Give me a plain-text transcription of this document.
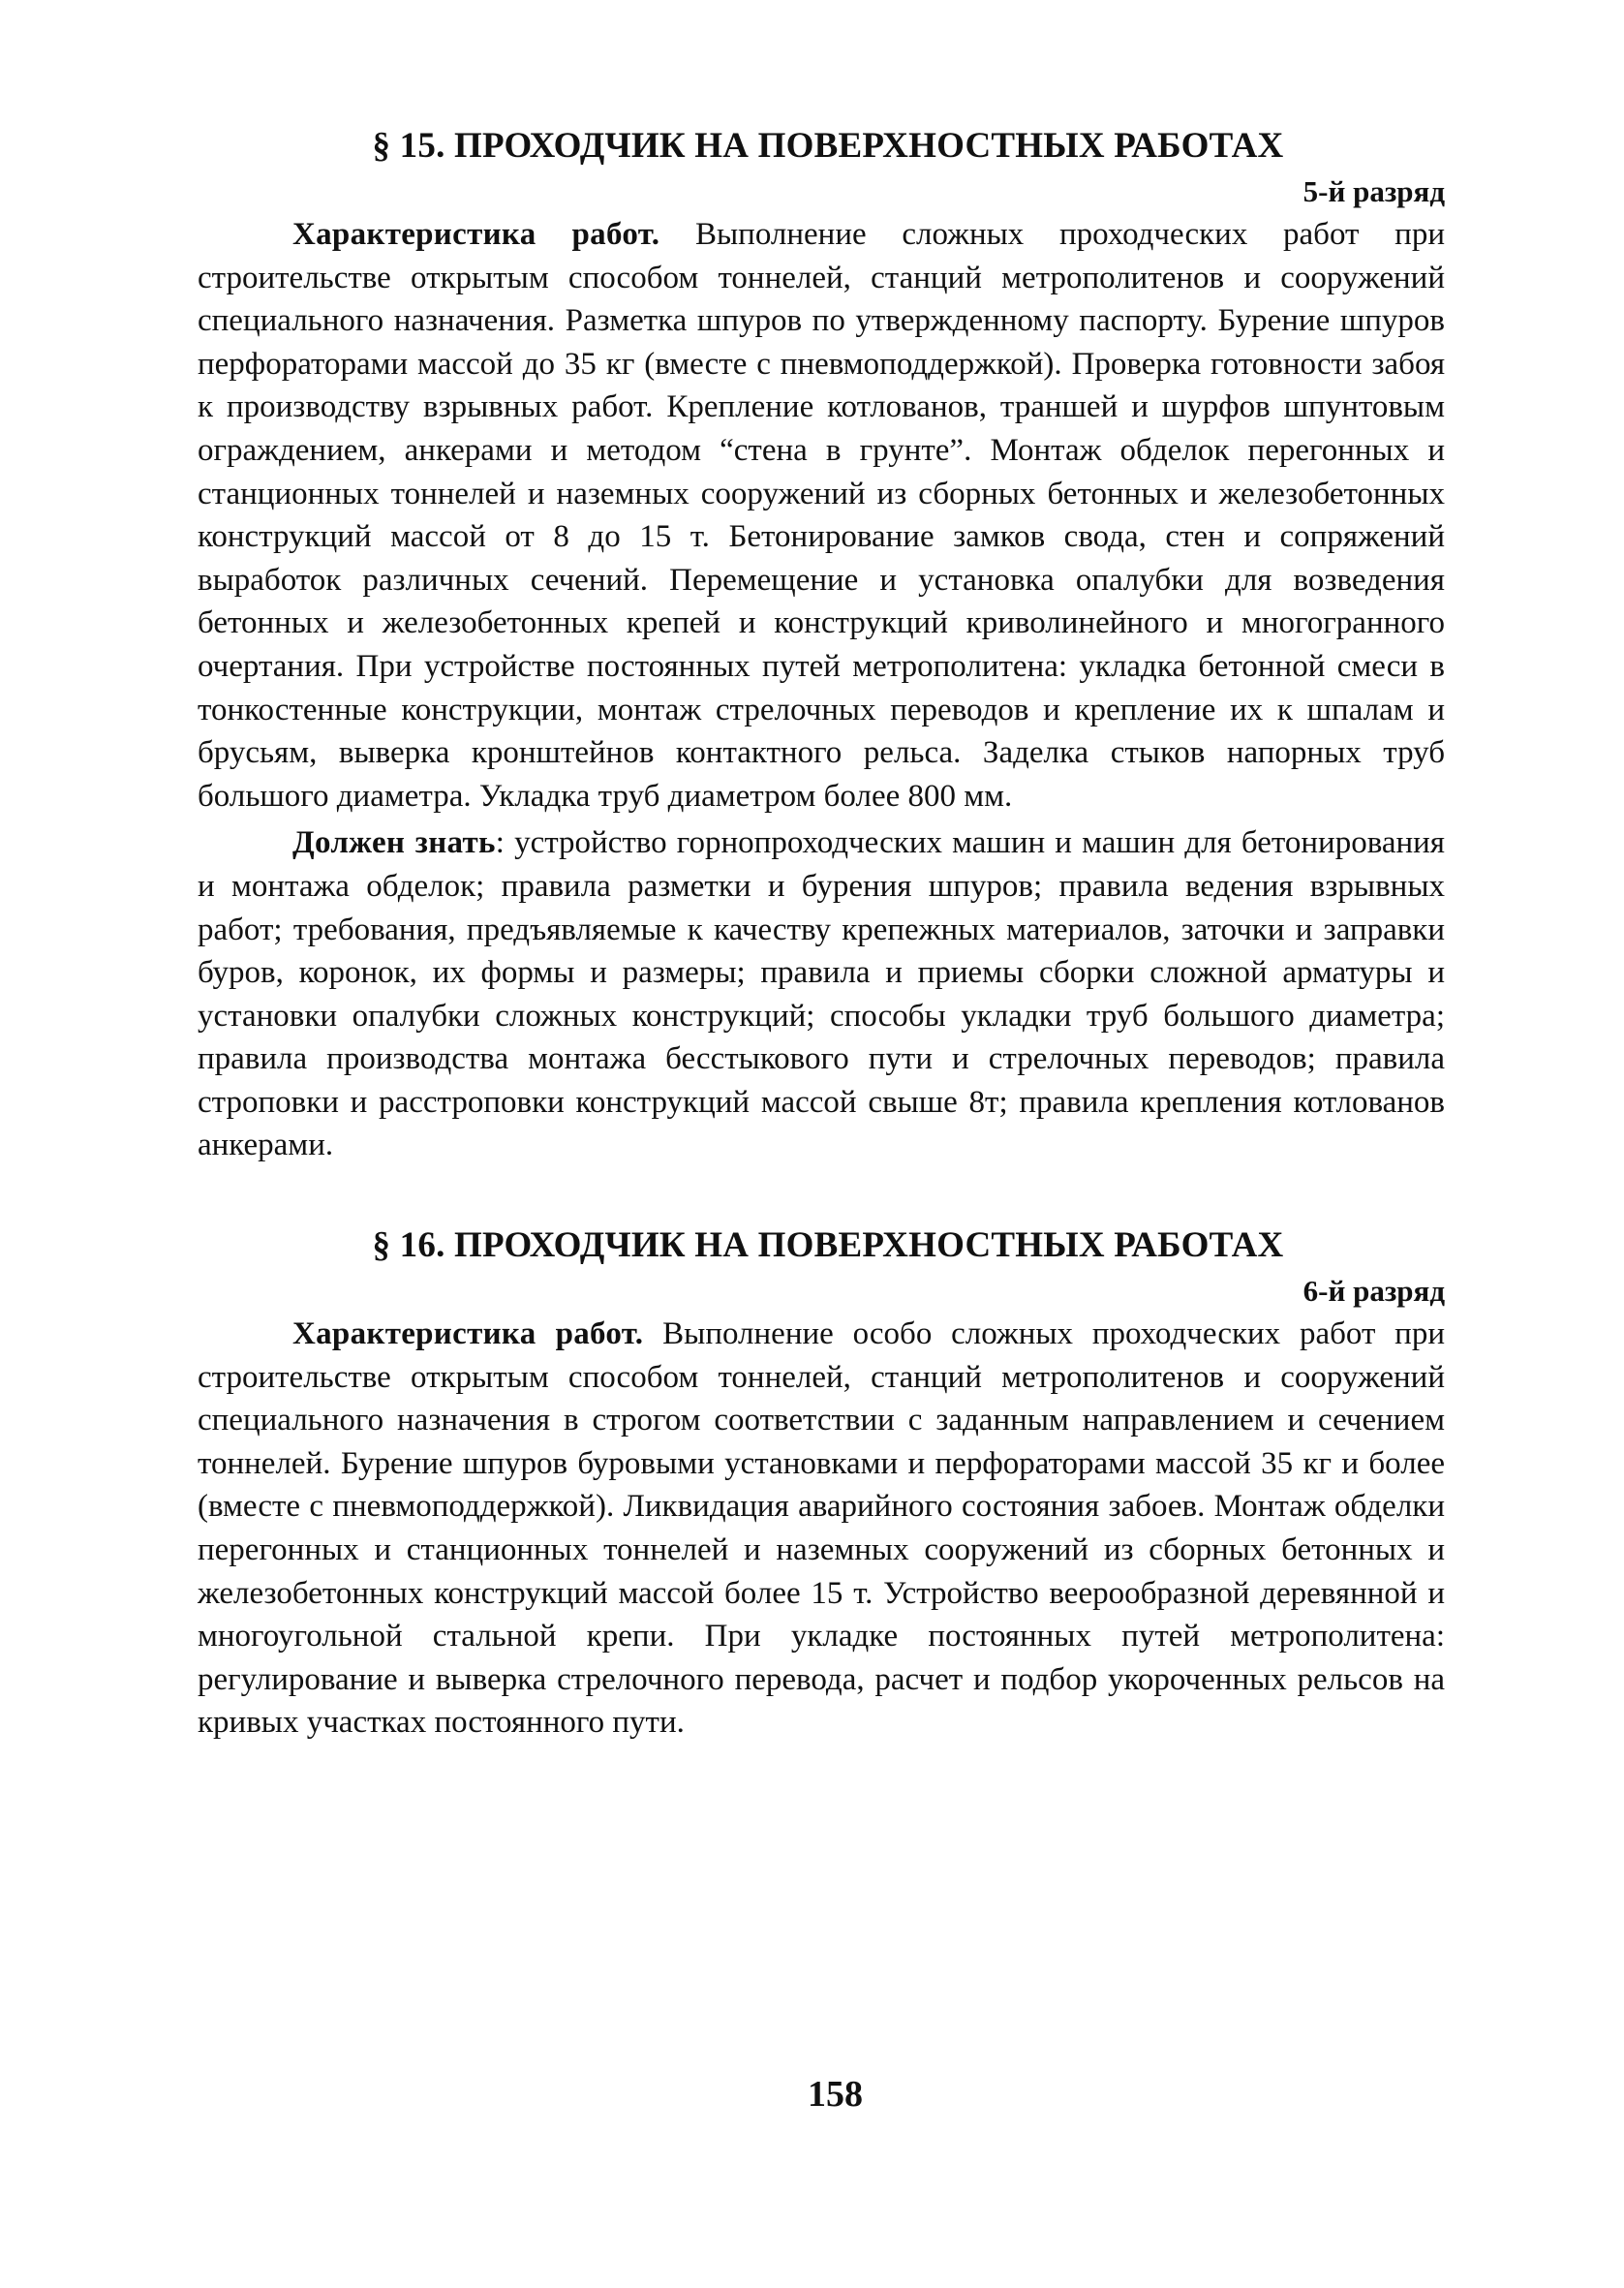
§ 15. ПРОХОДЧИК НА ПОВЕРХНОСТНЫХ РАБОТАХ
5-й разряд

Характеристика работ. Выполнение сложных проходческих работ при строительстве открытым способом тоннелей, станций метрополитенов и сооружений специального назначения. Разметка шпуров по утвержденному паспорту. Бурение шпуров перфораторами массой до 35 кг (вместе с пневмоподдержкой). Проверка готовности забоя к производству взрывных работ. Крепление котлованов, траншей и шурфов шпунтовым ограждением, анкерами и методом “стена в грунте”. Монтаж обделок перегонных и станционных тоннелей и наземных сооружений из сборных бетонных и железобетонных конструкций массой от 8 до 15 т. Бетонирование замков свода, стен и сопряжений выработок различных сечений. Перемещение и установка опалубки для возведения бетонных и железобетонных крепей и конструкций криволинейного и многогранного очертания. При устройстве постоянных путей метрополитена: укладка бетонной смеси в тонкостенные конструкции, монтаж стрелочных переводов и крепление их к шпалам и брусьям, выверка кронштейнов контактного рельса. Заделка стыков напорных труб большого диаметра. Укладка труб диаметром более 800 мм.

Должен знать: устройство горнопроходческих машин и машин для бетонирования и монтажа обделок; правила разметки и бурения шпуров; правила ведения взрывных работ; требования, предъявляемые к качеству крепежных материалов, заточки и заправки буров, коронок, их формы и размеры; правила и приемы сборки сложной арматуры и установки опалубки сложных конструкций; способы укладки труб большого диаметра; правила производства монтажа бесстыкового пути и стрелочных переводов; правила строповки и расстроповки конструкций массой свыше 8т; правила крепления котлованов анкерами.

§ 16. ПРОХОДЧИК НА ПОВЕРХНОСТНЫХ РАБОТАХ
6-й разряд

Характеристика работ. Выполнение особо сложных проходческих работ при строительстве открытым способом тоннелей, станций метрополитенов и сооружений специального назначения в строгом соответствии с заданным направлением и сечением тоннелей. Бурение шпуров буровыми установками и перфораторами массой 35 кг и более (вместе с пневмоподдержкой). Ликвидация аварийного состояния забоев. Монтаж обделки перегонных и станционных тоннелей и наземных сооружений из сборных бетонных и железобетонных конструкций массой более 15 т. Устройство веерообразной деревянной и многоугольной стальной крепи. При укладке постоянных путей метрополитена: регулирование и выверка стрелочного перевода, расчет и подбор укороченных рельсов на кривых участках постоянного пути.

158
